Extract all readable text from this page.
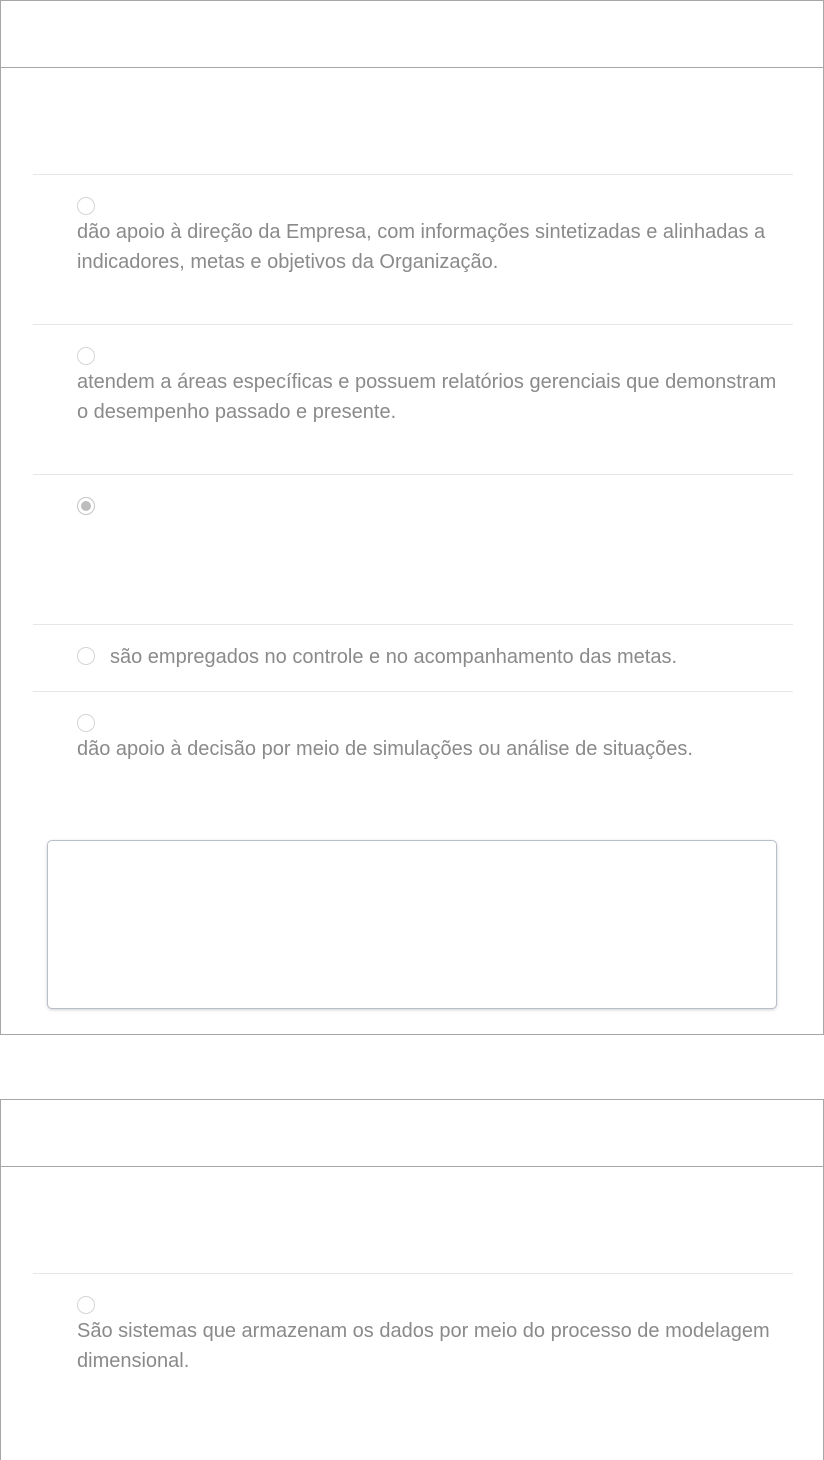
dão apoio à direção da Empresa, com informações sintetizadas e alinhadas a indicadores, metas e objetivos da Organização.
atendem a áreas específicas e possuem relatórios gerenciais que demonstram o desempenho passado e presente.
são empregados no controle e no acompanhamento das metas.
dão apoio à decisão por meio de simulações ou análise de situações.
São sistemas que armazenam os dados por meio do processo de modelagem dimensional.
